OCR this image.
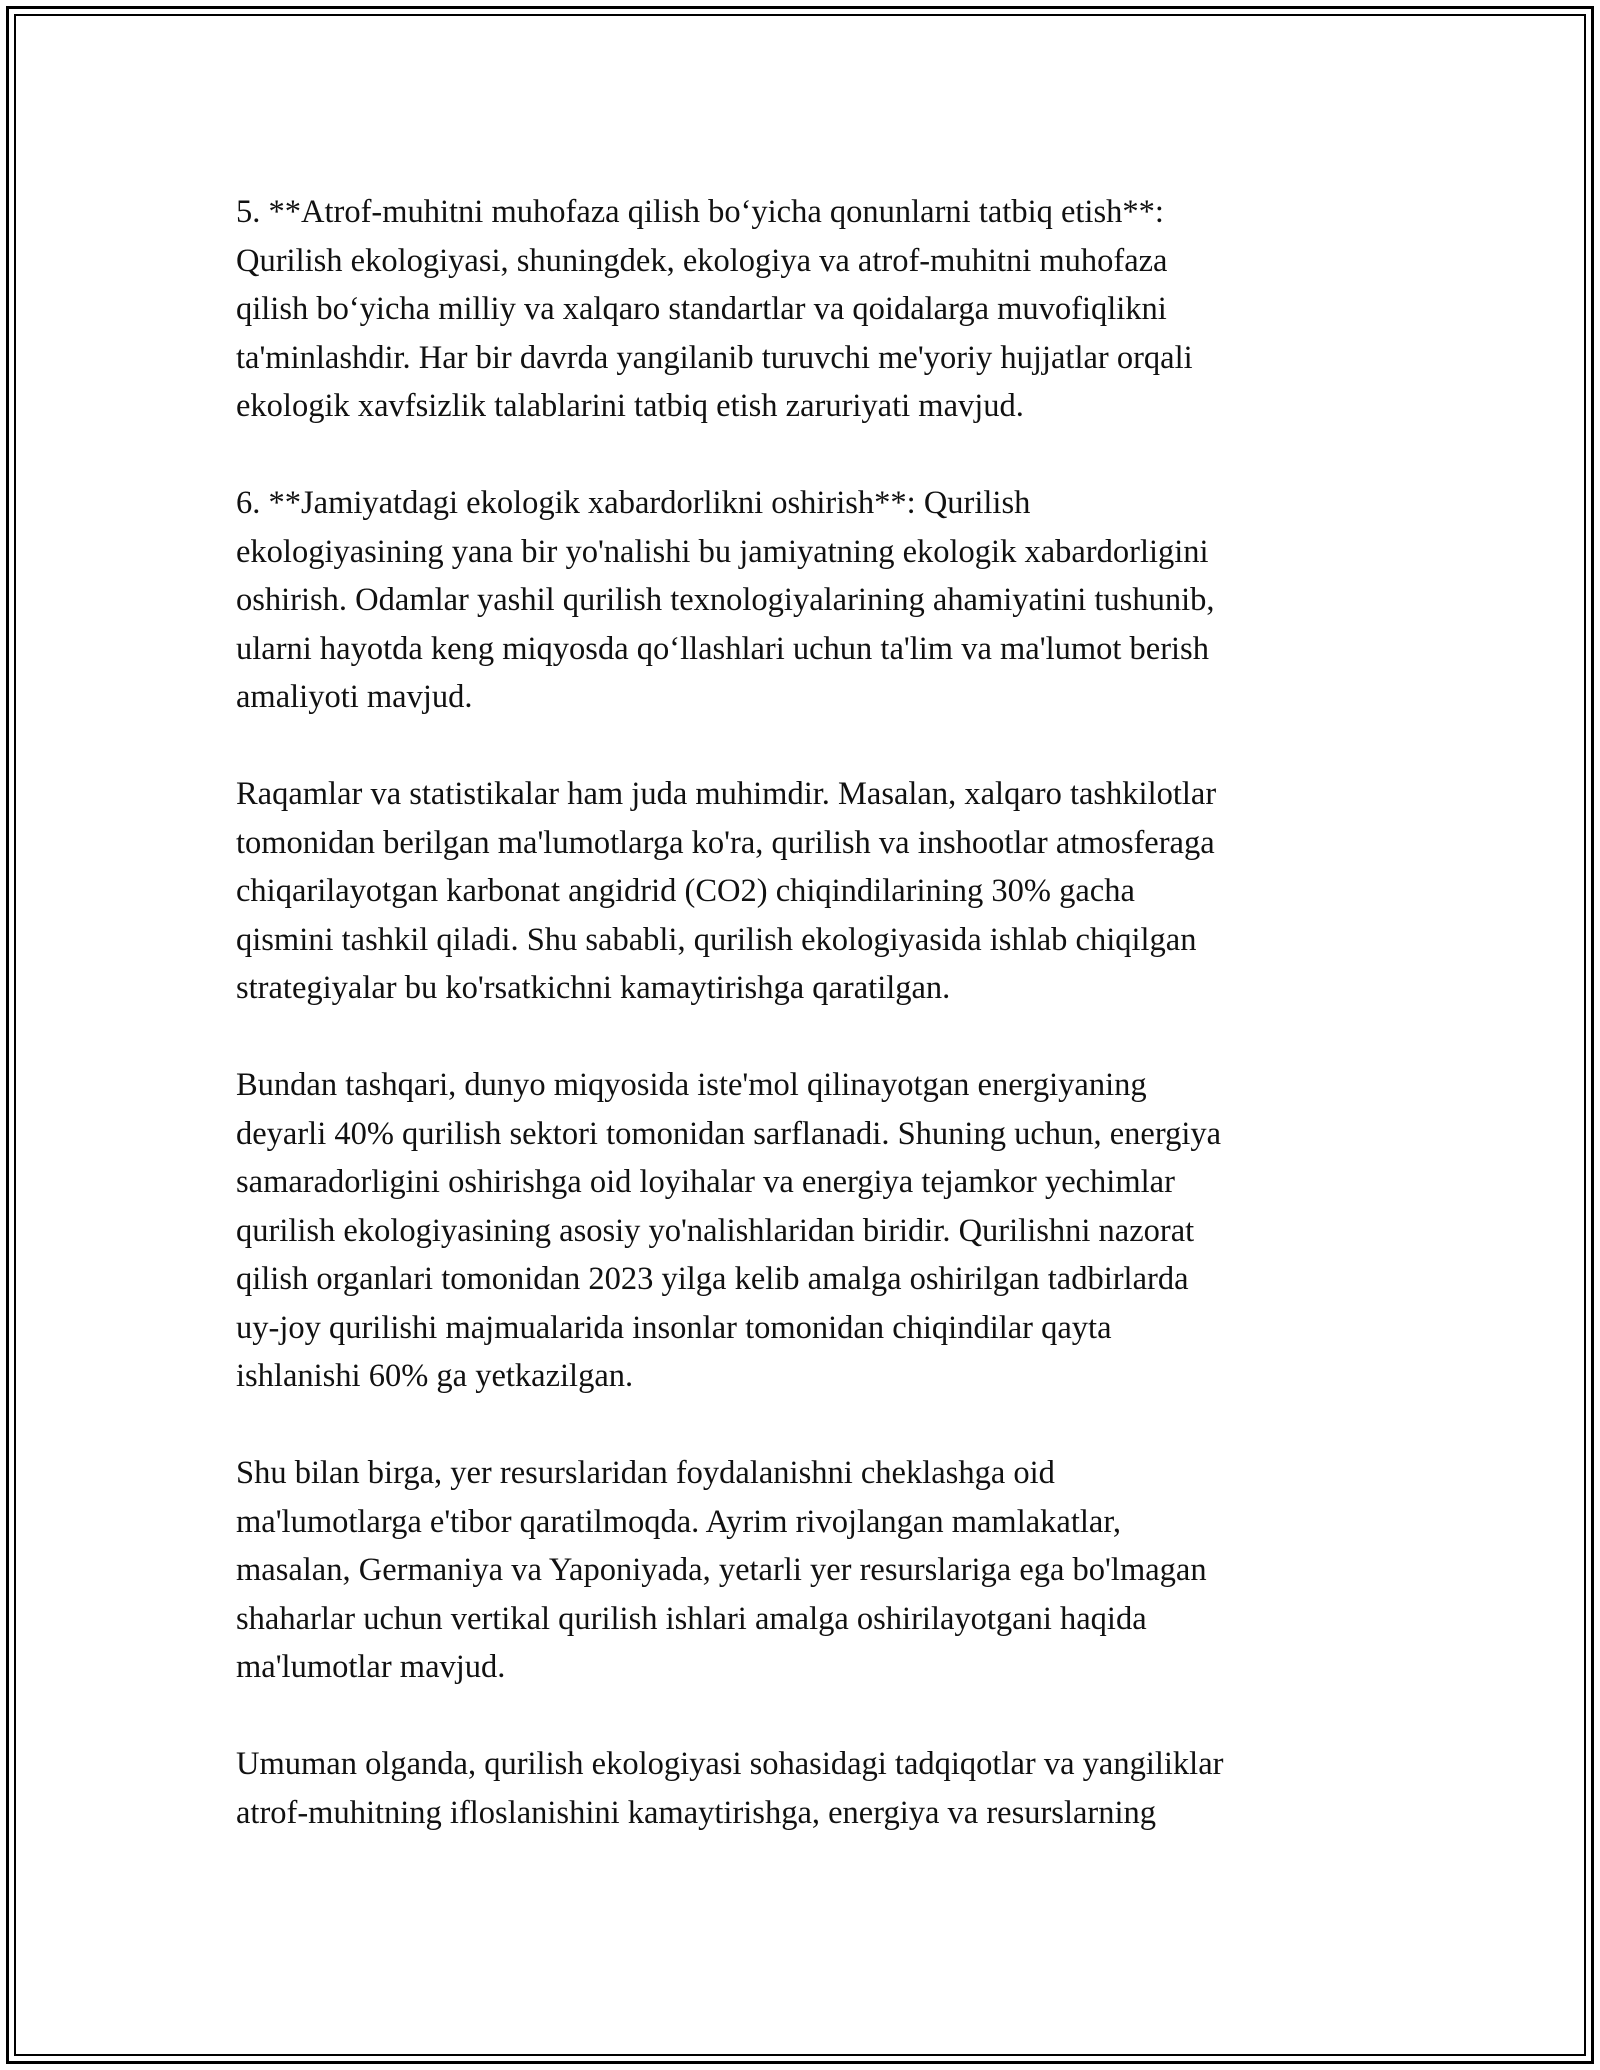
5. **Atrof-muhitni muhofaza qilish bo‘yicha qonunlarni tatbiq etish**:
Qurilish ekologiyasi, shuningdek, ekologiya va atrof-muhitni muhofaza
qilish bo‘yicha milliy va xalqaro standartlar va qoidalarga muvofiqlikni
ta'minlashdir. Har bir davrda yangilanib turuvchi me'yoriy hujjatlar orqali
ekologik xavfsizlik talablarini tatbiq etish zaruriyati mavjud.

6. **Jamiyatdagi ekologik xabardorlikni oshirish**: Qurilish
ekologiyasining yana bir yo'nalishi bu jamiyatning ekologik xabardorligini
oshirish. Odamlar yashil qurilish texnologiyalarining ahamiyatini tushunib,
ularni hayotda keng miqyosda qo‘llashlari uchun ta'lim va ma'lumot berish
amaliyoti mavjud.

Raqamlar va statistikalar ham juda muhimdir. Masalan, xalqaro tashkilotlar
tomonidan berilgan ma'lumotlarga ko'ra, qurilish va inshootlar atmosferaga
chiqarilayotgan karbonat angidrid (CO2) chiqindilarining 30% gacha
qismini tashkil qiladi. Shu sababli, qurilish ekologiyasida ishlab chiqilgan
strategiyalar bu ko'rsatkichni kamaytirishga qaratilgan.

Bundan tashqari, dunyo miqyosida iste'mol qilinayotgan energiyaning
deyarli 40% qurilish sektori tomonidan sarflanadi. Shuning uchun, energiya
samaradorligini oshirishga oid loyihalar va energiya tejamkor yechimlar
qurilish ekologiyasining asosiy yo'nalishlaridan biridir. Qurilishni nazorat
qilish organlari tomonidan 2023 yilga kelib amalga oshirilgan tadbirlarda
uy-joy qurilishi majmualarida insonlar tomonidan chiqindilar qayta
ishlanishi 60% ga yetkazilgan.

Shu bilan birga, yer resurslaridan foydalanishni cheklashga oid
ma'lumotlarga e'tibor qaratilmoqda. Ayrim rivojlangan mamlakatlar,
masalan, Germaniya va Yaponiyada, yetarli yer resurslariga ega bo'lmagan
shaharlar uchun vertikal qurilish ishlari amalga oshirilayotgani haqida
ma'lumotlar mavjud.

Umuman olganda, qurilish ekologiyasi sohasidagi tadqiqotlar va yangiliklar
atrof-muhitning ifloslanishini kamaytirishga, energiya va resurslarning
